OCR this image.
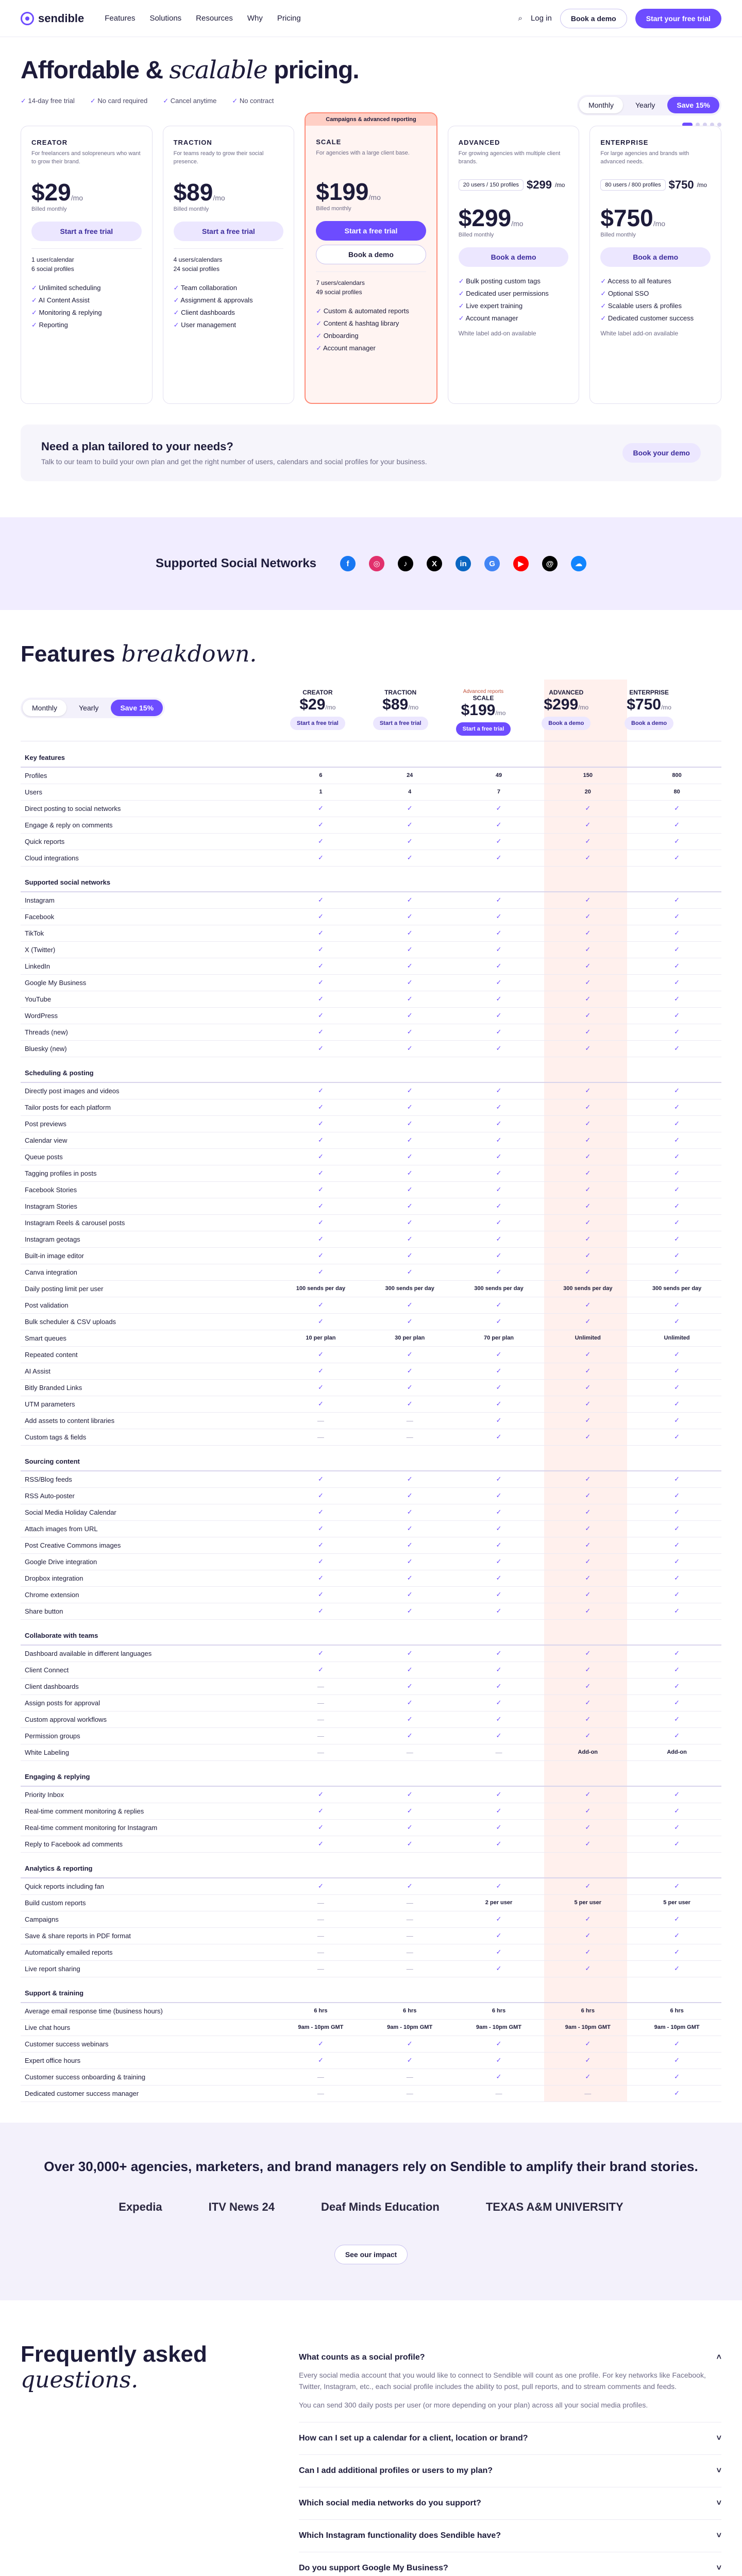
sendible	Features Solutions Resources Why Pricing	⌕ Log in	Book a demo	Start your free trial
Affordable & scalable pricing.
✓ 14-day free trial	✓ No card required	✓ Cancel anytime	✓ No contract
Monthly	Yearly	Save 15%
CREATOR
For freelancers and solopreneurs who want to grow their brand.
$29/mo
Billed monthly
Start a free trial
1 user/calendar
6 social profiles
✓ Unlimited scheduling
✓ AI Content Assist
✓ Monitoring & replying
✓ Reporting
TRACTION
For teams ready to grow their social presence.
$89/mo
Billed monthly
Start a free trial
4 users/calendars
24 social profiles
✓ Team collaboration
✓ Assignment & approvals
✓ Client dashboards
✓ User management
Campaigns & advanced reporting
SCALE
For agencies with a large client base.
$199/mo
Billed monthly
Start a free trialBook a demo
7 users/calendars
49 social profiles
✓ Custom & automated reports
✓ Content & hashtag library
✓ Onboarding
✓ Account manager
ADVANCED
For growing agencies with multiple client brands.
20 users / 150 profiles $299 /mo
$299/mo
Billed monthly
Book a demo
✓ Bulk posting custom tags
✓ Dedicated user permissions
✓ Live expert training
✓ Account manager
White label add-on available
ENTERPRISE
For large agencies and brands with advanced needs.
80 users / 800 profiles $750 /mo
$750/mo
Billed monthly
Book a demo
✓ Access to all features
✓ Optional SSO
✓ Scalable users & profiles
✓ Dedicated customer success
White label add-on available
Need a plan tailored to your needs?

Talk to our team to build your own plan and get the right number of users, calendars and social profiles for your business.

Book your demo
Supported Social Networks	f	◎	♪	X	in	G	▶	@	☁
Features breakdown.
Monthly	Yearly	Save 15%
CREATOR
$29/mo
Start a free trial
TRACTION
$89/mo
Start a free trial
Advanced reports
SCALE
$199/mo
Start a free trial
ADVANCED
$299/mo
Book a demo
ENTERPRISE
$750/mo
Book a demo
Key features					
Profiles	6	24	49	150	800
Users	1	4	7	20	80
Direct posting to social networks	✓	✓	✓	✓	✓
Engage & reply on comments	✓	✓	✓	✓	✓
Quick reports	✓	✓	✓	✓	✓
Cloud integrations	✓	✓	✓	✓	✓
Supported social networks					
Instagram	✓	✓	✓	✓	✓
Facebook	✓	✓	✓	✓	✓
TikTok	✓	✓	✓	✓	✓
X (Twitter)	✓	✓	✓	✓	✓
LinkedIn	✓	✓	✓	✓	✓
Google My Business	✓	✓	✓	✓	✓
YouTube	✓	✓	✓	✓	✓
WordPress	✓	✓	✓	✓	✓
Threads (new)	✓	✓	✓	✓	✓
Bluesky (new)	✓	✓	✓	✓	✓
Scheduling & posting					
Directly post images and videos	✓	✓	✓	✓	✓
Tailor posts for each platform	✓	✓	✓	✓	✓
Post previews	✓	✓	✓	✓	✓
Calendar view	✓	✓	✓	✓	✓
Queue posts	✓	✓	✓	✓	✓
Tagging profiles in posts	✓	✓	✓	✓	✓
Facebook Stories	✓	✓	✓	✓	✓
Instagram Stories	✓	✓	✓	✓	✓
Instagram Reels & carousel posts	✓	✓	✓	✓	✓
Instagram geotags	✓	✓	✓	✓	✓
Built-in image editor	✓	✓	✓	✓	✓
Canva integration	✓	✓	✓	✓	✓
Daily posting limit per user	100 sends per day	300 sends per day	300 sends per day	300 sends per day	300 sends per day
Post validation	✓	✓	✓	✓	✓
Bulk scheduler & CSV uploads	✓	✓	✓	✓	✓
Smart queues	10 per plan	30 per plan	70 per plan	Unlimited	Unlimited
Repeated content	✓	✓	✓	✓	✓
AI Assist	✓	✓	✓	✓	✓
Bitly Branded Links	✓	✓	✓	✓	✓
UTM parameters	✓	✓	✓	✓	✓
Add assets to content libraries	—	—	✓	✓	✓
Custom tags & fields	—	—	✓	✓	✓
Sourcing content					
RSS/Blog feeds	✓	✓	✓	✓	✓
RSS Auto-poster	✓	✓	✓	✓	✓
Social Media Holiday Calendar	✓	✓	✓	✓	✓
Attach images from URL	✓	✓	✓	✓	✓
Post Creative Commons images	✓	✓	✓	✓	✓
Google Drive integration	✓	✓	✓	✓	✓
Dropbox integration	✓	✓	✓	✓	✓
Chrome extension	✓	✓	✓	✓	✓
Share button	✓	✓	✓	✓	✓
Collaborate with teams					
Dashboard available in different languages	✓	✓	✓	✓	✓
Client Connect	✓	✓	✓	✓	✓
Client dashboards	—	✓	✓	✓	✓
Assign posts for approval	—	✓	✓	✓	✓
Custom approval workflows	—	✓	✓	✓	✓
Permission groups	—	✓	✓	✓	✓
White Labeling	—	—	—	Add-on	Add-on
Engaging & replying					
Priority Inbox	✓	✓	✓	✓	✓
Real-time comment monitoring & replies	✓	✓	✓	✓	✓
Real-time comment monitoring for Instagram	✓	✓	✓	✓	✓
Reply to Facebook ad comments	✓	✓	✓	✓	✓
Analytics & reporting					
Quick reports including fan	✓	✓	✓	✓	✓
Build custom reports	—	—	2 per user	5 per user	5 per user
Campaigns	—	—	✓	✓	✓
Save & share reports in PDF format	—	—	✓	✓	✓
Automatically emailed reports	—	—	✓	✓	✓
Live report sharing	—	—	✓	✓	✓
Support & training					
Average email response time (business hours)	6 hrs	6 hrs	6 hrs	6 hrs	6 hrs
Live chat hours	9am - 10pm GMT	9am - 10pm GMT	9am - 10pm GMT	9am - 10pm GMT	9am - 10pm GMT
Customer success webinars	✓	✓	✓	✓	✓
Expert office hours	✓	✓	✓	✓	✓
Customer success onboarding & training	—	—	✓	✓	✓
Dedicated customer success manager	—	—	—	—	✓
Over 30,000+ agencies, marketers, and brand managers rely on Sendible to amplify their brand stories.
Expedia	ITV News 24	Deaf Minds Education	TEXAS A&M UNIVERSITY
See our impact
Frequently asked
questions.
What counts as a social profile?	˄

Every social media account that you would like to connect to Sendible will count as one profile. For key networks like Facebook, Twitter, Instagram, etc., each social profile includes the ability to post, pull reports, and to stream comments and feeds.

You can send 300 daily posts per user (or more depending on your plan) across all your social media profiles.

How can I set up a calendar for a client, location or brand?	˅
Can I add additional profiles or users to my plan?	˅
Which social media networks do you support?	˅
Which Instagram functionality does Sendible have?	˅
Do you support Google My Business?	˅
